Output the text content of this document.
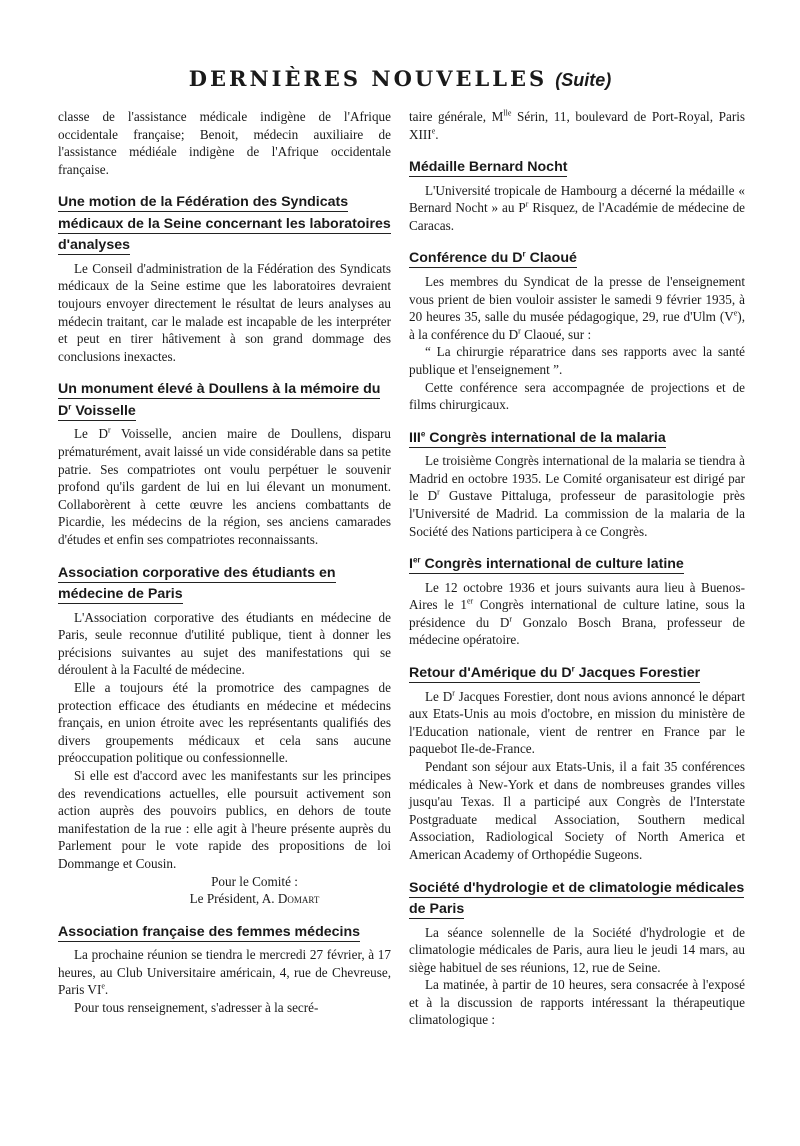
DERNIÈRES NOUVELLES (Suite)

classe de l'assistance médicale indigène de l'Afrique occidentale française; Benoit, médecin auxiliaire de l'assistance médiéale indigène de l'Afrique occidentale française.

Une motion de la Fédération des Syndicats médicaux de la Seine concernant les laboratoires d'analyses

Le Conseil d'administration de la Fédération des Syndicats médicaux de la Seine estime que les laboratoires devraient toujours envoyer directement le résultat de leurs analyses au médecin traitant, car le malade est incapable de les interpréter et peut en tirer hâtivement à son grand dommage des conclusions inexactes.

Un monument élevé à Doullens à la mémoire du $D^r$ Voisselle

Le $D^r$ Voisselle, ancien maire de Doullens, disparu prématurément, avait laissé un vide considérable dans sa petite patrie. Ses compatriotes ont voulu perpétuer le souvenir profond qu'ils gardent de lui en lui élevant un monument. Collaborèrent à cette œuvre les anciens combattants de Picardie, les médecins de la région, ses anciens camarades d'études et enfin ses compatriotes reconnaissants.

Association corporative des étudiants en médecine de Paris

L'Association corporative des étudiants en médecine de Paris, seule reconnue d'utilité publique, tient à donner les précisions suivantes au sujet des manifestations qui se déroulent à la Faculté de médecine.

Elle a toujours été la promotrice des campagnes de protection efficace des étudiants en médecine et médecins français, en union étroite avec les représentants qualifiés des divers groupements médicaux et cela sans aucune préoccupation politique ou confessionnelle.

Si elle est d'accord avec les manifestants sur les principes des revendications actuelles, elle poursuit activement son action auprès des pouvoirs publics, en dehors de toute manifestation de la rue : elle agit à l'heure présente auprès du Parlement pour le vote rapide des propositions de loi Dommange et Cousin.

Pour le Comité :
Le Président, A. Domart
Association française des femmes médecins

La prochaine réunion se tiendra le mercredi 27 février, à 17 heures, au Club Universitaire américain, 4, rue de Chevreuse, Paris VIe.

Pour tous renseignement, s'adresser à la secré-

taire générale, $M^{lle}$ Sérin, 11, boulevard de Port-Royal, Paris XIIIe.

Médaille Bernard Nocht

L'Université tropicale de Hambourg a décerné la médaille « Bernard Nocht » au $P^r$ Risquez, de l'Académie de médecine de Caracas.

Conférence du $D^r$ Claoué

Les membres du Syndicat de la presse de l'enseignement vous prient de bien vouloir assister le samedi 9 février 1935, à 20 heures 35, salle du musée pédagogique, 29, rue d'Ulm (Ve), à la conférence du $D^r$ Claoué, sur :

“ La chirurgie réparatrice dans ses rapports avec la santé publique et l'enseignement ”.

Cette conférence sera accompagnée de projections et de films chirurgicaux.

IIIe Congrès international de la malaria

Le troisième Congrès international de la malaria se tiendra à Madrid en octobre 1935. Le Comité organisateur est dirigé par le $D^r$ Gustave Pittaluga, professeur de parasitologie près l'Université de Madrid. La commission de la malaria de la Société des Nations participera à ce Congrès.

Ier Congrès international de culture latine

Le 12 octobre 1936 et jours suivants aura lieu à Buenos-Aires le 1er Congrès international de culture latine, sous la présidence du $D^r$ Gonzalo Bosch Brana, professeur de médecine opératoire.

Retour d'Amérique du $D^r$ Jacques Forestier

Le $D^r$ Jacques Forestier, dont nous avions annoncé le départ aux Etats-Unis au mois d'octobre, en mission du ministère de l'Education nationale, vient de rentrer en France par le paquebot Ile-de-France.

Pendant son séjour aux Etats-Unis, il a fait 35 conférences médicales à New-York et dans de nombreuses grandes villes jusqu'au Texas. Il a participé aux Congrès de l'Interstate Postgraduate medical Association, Southern medical Association, Radiological Society of North America et American Academy of Orthopédie Sugeons.

Société d'hydrologie et de climatologie médicales de Paris

La séance solennelle de la Société d'hydrologie et de climatologie médicales de Paris, aura lieu le jeudi 14 mars, au siège habituel de ses réunions, 12, rue de Seine.

La matinée, à partir de 10 heures, sera consacrée à l'exposé et à la discussion de rapports intéressant la thérapeutique climatologique :
